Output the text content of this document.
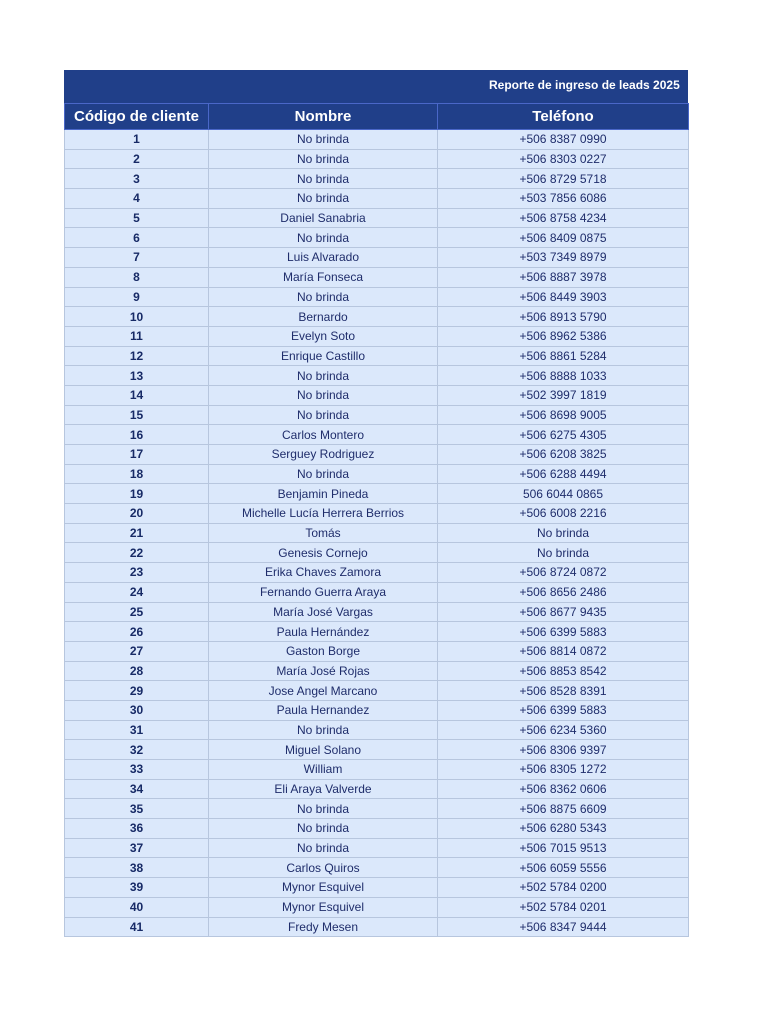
Reporte de ingreso de leads 2025
Código de cliente	Nombre	Teléfono
1	No brinda	+506 8387 0990
2	No brinda	+506 8303 0227
3	No brinda	+506 8729 5718
4	No brinda	+503 7856 6086
5	Daniel Sanabria	+506 8758 4234
6	No brinda	+506 8409 0875
7	Luis Alvarado	+503 7349 8979
8	María Fonseca	+506 8887 3978
9	No brinda	+506 8449 3903
10	Bernardo	+506 8913 5790
11	Evelyn Soto	+506 8962 5386
12	Enrique Castillo	+506 8861 5284
13	No brinda	+506 8888 1033
14	No brinda	+502 3997 1819
15	No brinda	+506 8698 9005
16	Carlos Montero	+506 6275 4305
17	Serguey Rodriguez	+506 6208 3825
18	No brinda	+506 6288 4494
19	Benjamin Pineda	506 6044 0865
20	Michelle Lucía Herrera Berrios	+506 6008 2216
21	Tomás	No brinda
22	Genesis Cornejo	No brinda
23	Erika Chaves Zamora	+506 8724 0872
24	Fernando Guerra Araya	+506 8656 2486
25	María José Vargas	+506 8677 9435
26	Paula Hernández	+506 6399 5883
27	Gaston Borge	+506 8814 0872
28	María José Rojas	+506 8853 8542
29	Jose Angel Marcano	+506 8528 8391
30	Paula Hernandez	+506 6399 5883
31	No brinda	+506 6234 5360
32	Miguel Solano	+506 8306 9397
33	William	+506 8305 1272
34	Eli Araya Valverde	+506 8362 0606
35	No brinda	+506 8875 6609
36	No brinda	+506 6280 5343
37	No brinda	+506 7015 9513
38	Carlos Quiros	+506 6059 5556
39	Mynor Esquivel	+502 5784 0200
40	Mynor Esquivel	+502 5784 0201
41	Fredy Mesen	+506 8347 9444
